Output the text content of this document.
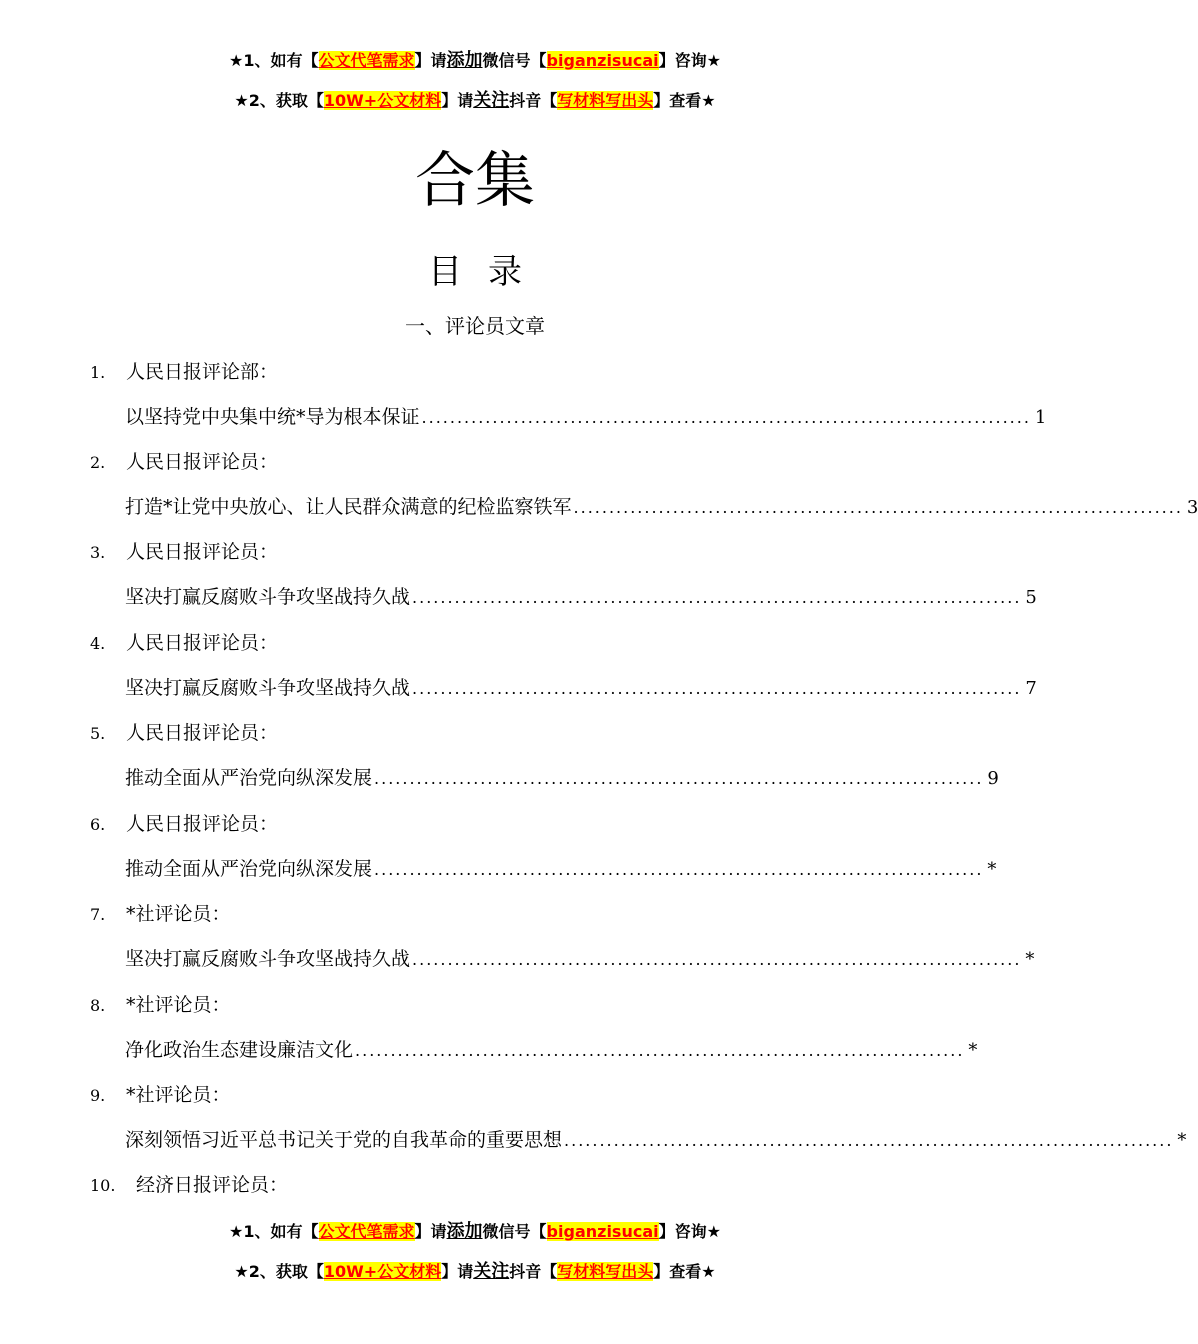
★1、如有【公文代笔需求】请添加微信号【biganzisucai】咨询★
★2、获取【10W+公文材料】请关注抖音【写材料写出头】查看★
合集
目录
一、评论员文章
1. 人民日报评论部：
以坚持党中央集中统*导为根本保证 ...................................................................................... 1
2. 人民日报评论员：
打造*让党中央放心、让人民群众满意的纪检监察铁军 ...................................................................................... 3
3. 人民日报评论员：
坚决打赢反腐败斗争攻坚战持久战 ...................................................................................... 5
4. 人民日报评论员：
坚决打赢反腐败斗争攻坚战持久战 ...................................................................................... 7
5. 人民日报评论员：
推动全面从严治党向纵深发展 ...................................................................................... 9
6. 人民日报评论员：
推动全面从严治党向纵深发展 ...................................................................................... *
7. *社评论员：
坚决打赢反腐败斗争攻坚战持久战 ...................................................................................... *
8. *社评论员：
净化政治生态建设廉洁文化 ...................................................................................... *
9. *社评论员：
深刻领悟习近平总书记关于党的自我革命的重要思想 ...................................................................................... *
10. 经济日报评论员：
★1、如有【公文代笔需求】请添加微信号【biganzisucai】咨询★
★2、获取【10W+公文材料】请关注抖音【写材料写出头】查看★
